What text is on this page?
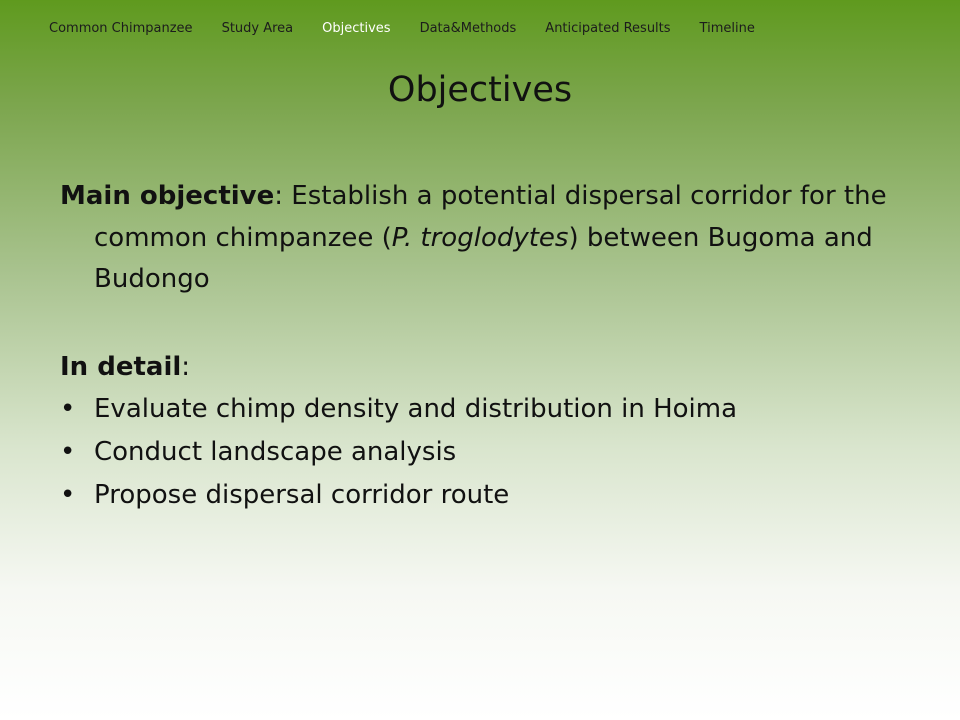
Common Chimpanzee Study Area Objectives Data&Methods Anticipated Results Timeline
Objectives

Main objective: Establish a potential dispersal corridor for the common chimpanzee (P. troglodytes) between Bugoma and Budongo

In detail:

• Evaluate chimp density and distribution in Hoima
• Conduct landscape analysis
• Propose dispersal corridor route
